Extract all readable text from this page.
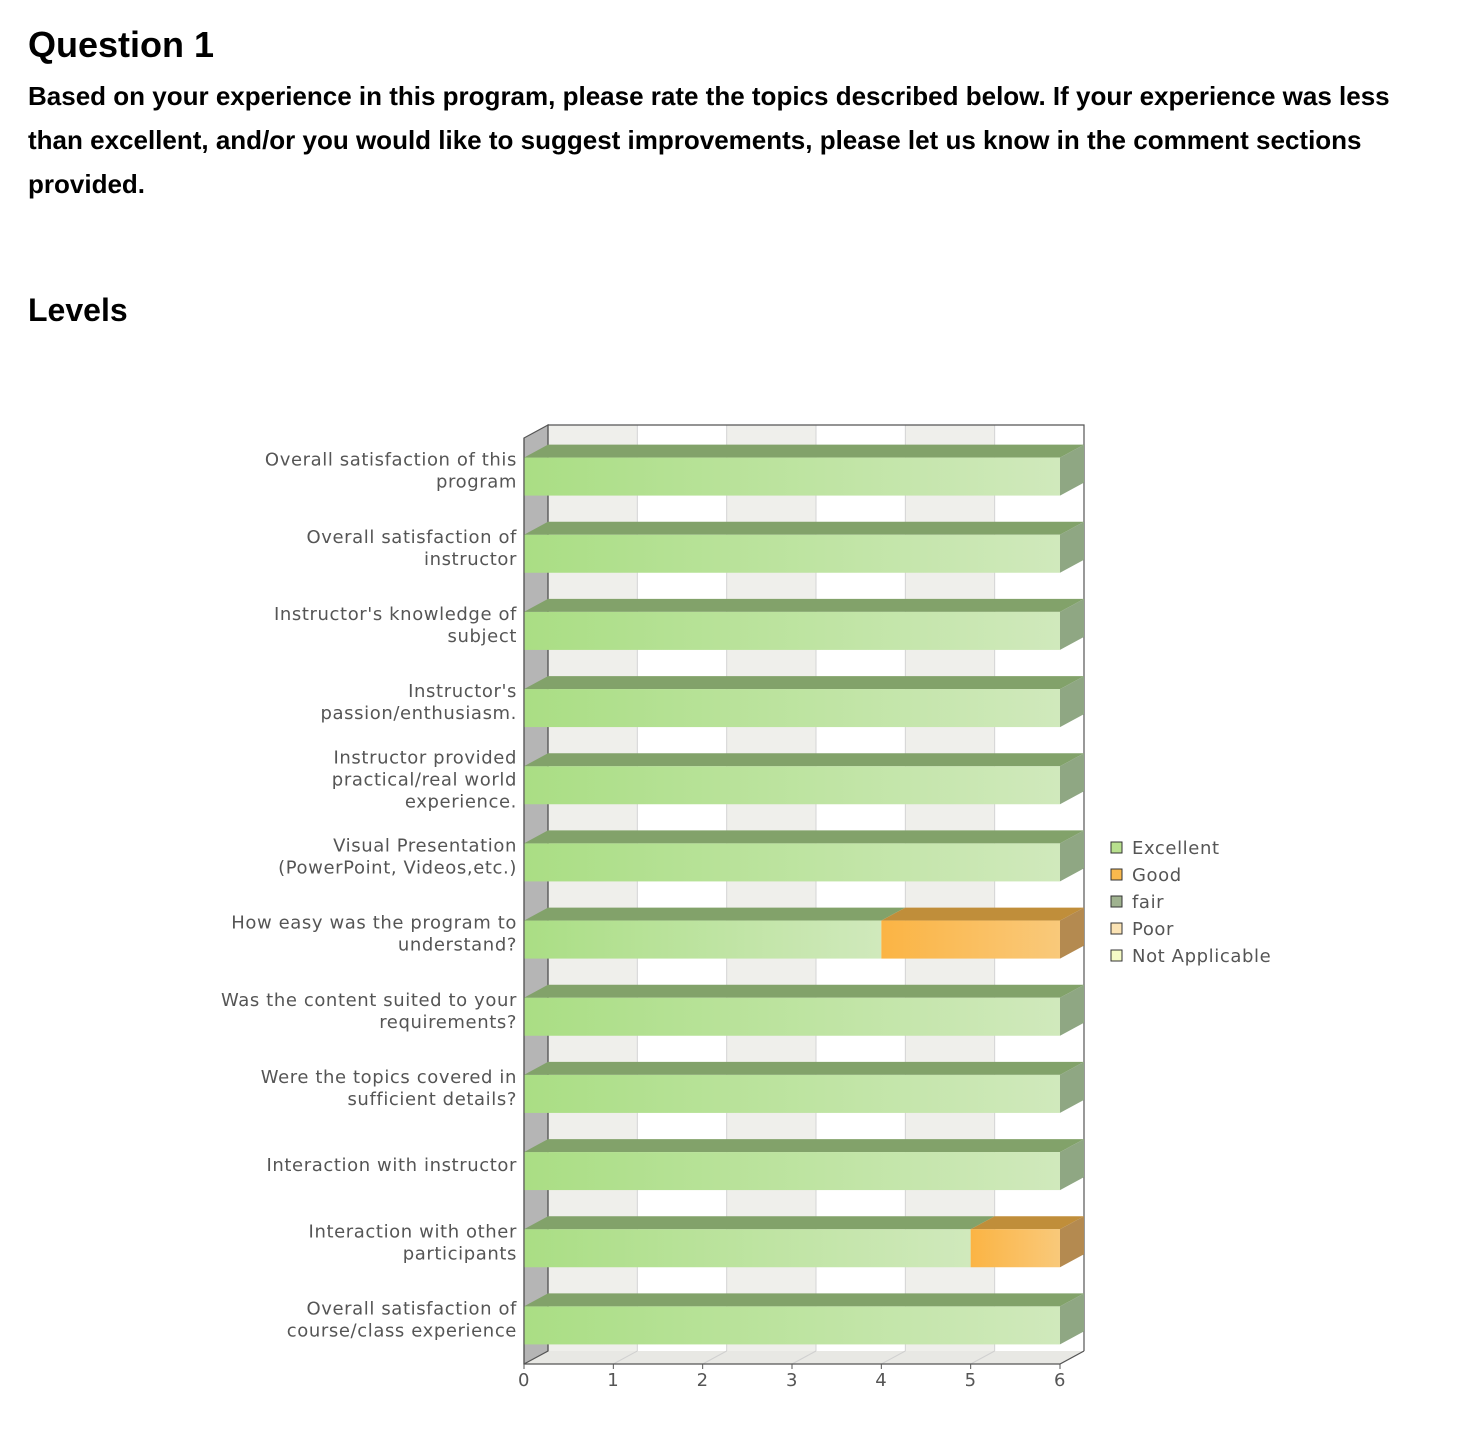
Question 1

Based on your experience in this program, please rate the topics described below. If your experience was less than excellent, and/or you would like to suggest improvements, please let us know in the comment sections provided.

Levels
0	1	2	3	4	5	6
Overall satisfaction of this program
Overall satisfaction of instructor
Instructor's knowledge of subject
Instructor's passion/enthusiasm.
Instructor provided practical/real world experience.
Visual Presentation (PowerPoint, Videos,etc.)
How easy was the program to understand?
Was the content suited to your requirements?
Were the topics covered in sufficient details?
Interaction with instructor
Interaction with other participants
Overall satisfaction of course/class experience
Excellent
Good
fair
Poor
Not Applicable
